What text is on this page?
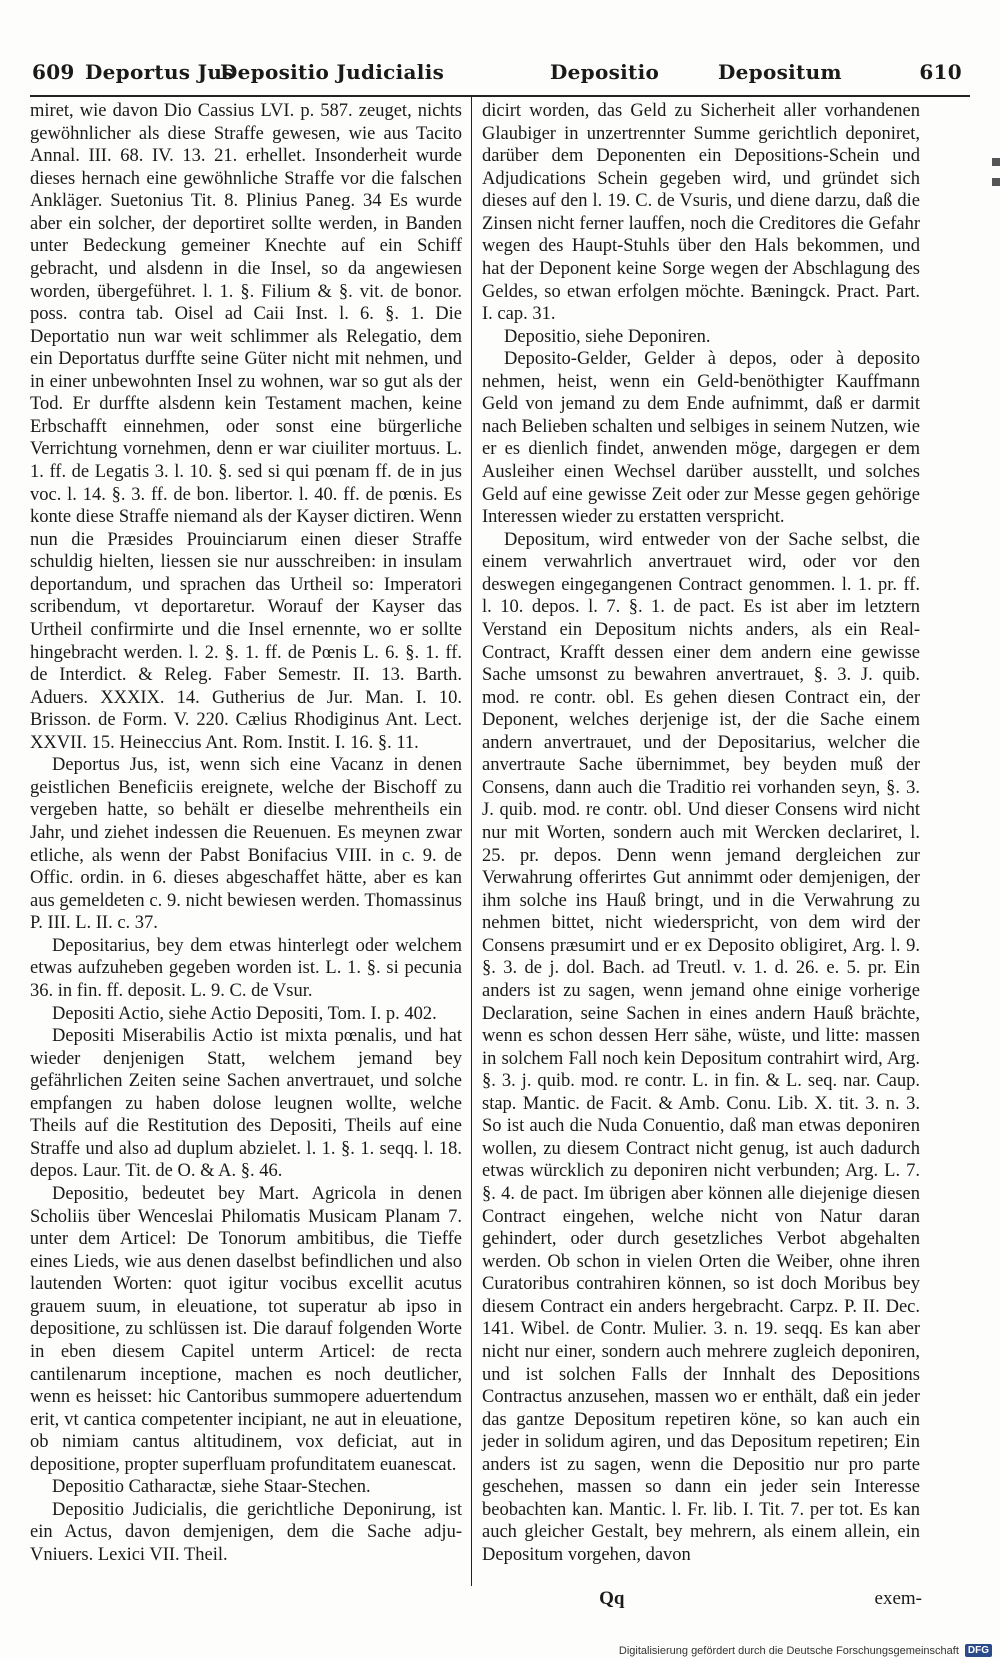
609 Deportus Jus
Depositio Judicialis	Depositio	Depositum	610

miret, wie davon Dio Cassius LVI. p. 587. zeuget, nichts gewöhnlicher als diese Straffe gewesen, wie aus Tacito Annal. III. 68. IV. 13. 21. erhellet. Insonderheit wurde dieses hernach eine gewöhnliche Straffe vor die falschen Ankläger. Suetonius Tit. 8. Plinius Paneg. 34 Es wurde aber ein solcher, der deportiret sollte werden, in Banden unter Bedeckung gemeiner Knechte auf ein Schiff gebracht, und alsdenn in die Insel, so da angewiesen worden, übergeführet. l. 1. §. Filium & §. vit. de bonor. poss. contra tab. Oisel ad Caii Inst. l. 6. §. 1. Die Deportatio nun war weit schlimmer als Relegatio, dem ein Deportatus durffte seine Güter nicht mit nehmen, und in einer unbewohnten Insel zu wohnen, war so gut als der Tod. Er durffte alsdenn kein Testament machen, keine Erbschafft einnehmen, oder sonst eine bürgerliche Verrichtung vornehmen, denn er war ciuiliter mortuus. L. 1. ff. de Legatis 3. l. 10. §. sed si qui pœnam ff. de in jus voc. l. 14. §. 3. ff. de bon. libertor. l. 40. ff. de pœnis. Es konte diese Straffe niemand als der Kayser dictiren. Wenn nun die Præsides Prouinciarum einen dieser Straffe schuldig hielten, liessen sie nur ausschreiben: in insulam deportandum, und sprachen das Urtheil so: Imperatori scribendum, vt deportaretur. Worauf der Kayser das Urtheil confirmirte und die Insel ernennte, wo er sollte hingebracht werden. l. 2. §. 1. ff. de Pœnis L. 6. §. 1. ff. de Interdict. & Releg. Faber Semestr. II. 13. Barth. Aduers. XXXIX. 14. Gutherius de Jur. Man. I. 10. Brisson. de Form. V. 220. Cælius Rhodiginus Ant. Lect. XXVII. 15. Heineccius Ant. Rom. Instit. I. 16. §. 11.

Deportus Jus, ist, wenn sich eine Vacanz in denen geistlichen Beneficiis ereignete, welche der Bischoff zu vergeben hatte, so behält er dieselbe mehrentheils ein Jahr, und ziehet indessen die Reuenuen. Es meynen zwar etliche, als wenn der Pabst Bonifacius VIII. in c. 9. de Offic. ordin. in 6. dieses abgeschaffet hätte, aber es kan aus gemeldeten c. 9. nicht bewiesen werden. Thomassinus P. III. L. II. c. 37.

Depositarius, bey dem etwas hinterlegt oder welchem etwas aufzuheben gegeben worden ist. L. 1. §. si pecunia 36. in fin. ff. deposit. L. 9. C. de Vsur.

Depositi Actio, siehe Actio Depositi, Tom. I. p. 402.

Depositi Miserabilis Actio ist mixta pœnalis, und hat wieder denjenigen Statt, welchem jemand bey gefährlichen Zeiten seine Sachen anvertrauet, und solche empfangen zu haben dolose leugnen wollte, welche Theils auf die Restitution des Depositi, Theils auf eine Straffe und also ad duplum abzielet. l. 1. §. 1. seqq. l. 18. depos. Laur. Tit. de O. & A. §. 46.

Depositio, bedeutet bey Mart. Agricola in denen Scholiis über Wenceslai Philomatis Musicam Planam 7. unter dem Articel: De Tonorum ambitibus, die Tieffe eines Lieds, wie aus denen daselbst befindlichen und also lautenden Worten: quot igitur vocibus excellit acutus grauem suum, in eleuatione, tot superatur ab ipso in depositione, zu schlüssen ist. Die darauf folgenden Worte in eben diesem Capitel unterm Articel: de recta cantilenarum inceptione, machen es noch deutlicher, wenn es heisset: hic Cantoribus summopere aduertendum erit, vt cantica competenter incipiant, ne aut in eleuatione, ob nimiam cantus altitudinem, vox deficiat, aut in depositione, propter superfluam profunditatem euanescat.

Depositio Catharactæ, siehe Staar-Stechen.

Depositio Judicialis, die gerichtliche Deponirung, ist ein Actus, davon demjenigen, dem die Sache adju- Vniuers. Lexici VII. Theil.

dicirt worden, das Geld zu Sicherheit aller vorhandenen Glaubiger in unzertrennter Summe gerichtlich deponiret, darüber dem Deponenten ein Depositions-Schein und Adjudications Schein gegeben wird, und gründet sich dieses auf den l. 19. C. de Vsuris, und diene darzu, daß die Zinsen nicht ferner lauffen, noch die Creditores die Gefahr wegen des Haupt-Stuhls über den Hals bekommen, und hat der Deponent keine Sorge wegen der Abschlagung des Geldes, so etwan erfolgen möchte. Bæningck. Pract. Part. I. cap. 31.

Depositio, siehe Deponiren.

Deposito-Gelder, Gelder à depos, oder à deposito nehmen, heist, wenn ein Geld-benöthigter Kauffmann Geld von jemand zu dem Ende aufnimmt, daß er darmit nach Belieben schalten und selbiges in seinem Nutzen, wie er es dienlich findet, anwenden möge, dargegen er dem Ausleiher einen Wechsel darüber ausstellt, und solches Geld auf eine gewisse Zeit oder zur Messe gegen gehörige Interessen wieder zu erstatten verspricht.

Depositum, wird entweder von der Sache selbst, die einem verwahrlich anvertrauet wird, oder vor den deswegen eingegangenen Contract genommen. l. 1. pr. ff. l. 10. depos. l. 7. §. 1. de pact. Es ist aber im letztern Verstand ein Depositum nichts anders, als ein Real-Contract, Krafft dessen einer dem andern eine gewisse Sache umsonst zu bewahren anvertrauet, §. 3. J. quib. mod. re contr. obl. Es gehen diesen Contract ein, der Deponent, welches derjenige ist, der die Sache einem andern anvertrauet, und der Depositarius, welcher die anvertraute Sache übernimmet, bey beyden muß der Consens, dann auch die Traditio rei vorhanden seyn, §. 3. J. quib. mod. re contr. obl. Und dieser Consens wird nicht nur mit Worten, sondern auch mit Wercken declariret, l. 25. pr. depos. Denn wenn jemand dergleichen zur Verwahrung offerirtes Gut annimmt oder demjenigen, der ihm solche ins Hauß bringt, und in die Verwahrung zu nehmen bittet, nicht wiederspricht, von dem wird der Consens præsumirt und er ex Deposito obligiret, Arg. l. 9. §. 3. de j. dol. Bach. ad Treutl. v. 1. d. 26. e. 5. pr. Ein anders ist zu sagen, wenn jemand ohne einige vorherige Declaration, seine Sachen in eines andern Hauß brächte, wenn es schon dessen Herr sähe, wüste, und litte: massen in solchem Fall noch kein Depositum contrahirt wird, Arg. §. 3. j. quib. mod. re contr. L. in fin. & L. seq. nar. Caup. stap. Mantic. de Facit. & Amb. Conu. Lib. X. tit. 3. n. 3. So ist auch die Nuda Conuentio, daß man etwas deponiren wollen, zu diesem Contract nicht genug, ist auch dadurch etwas würcklich zu deponiren nicht verbunden; Arg. L. 7. §. 4. de pact. Im übrigen aber können alle diejenige diesen Contract eingehen, welche nicht von Natur daran gehindert, oder durch gesetzliches Verbot abgehalten werden. Ob schon in vielen Orten die Weiber, ohne ihren Curatoribus contrahiren können, so ist doch Moribus bey diesem Contract ein anders hergebracht. Carpz. P. II. Dec. 141. Wibel. de Contr. Mulier. 3. n. 19. seqq. Es kan aber nicht nur einer, sondern auch mehrere zugleich deponiren, und ist solchen Falls der Innhalt des Depositions Contractus anzusehen, massen wo er enthält, daß ein jeder das gantze Depositum repetiren köne, so kan auch ein jeder in solidum agiren, und das Depositum repetiren; Ein anders ist zu sagen, wenn die Depositio nur pro parte geschehen, massen so dann ein jeder sein Interesse beobachten kan. Mantic. l. Fr. lib. I. Tit. 7. per tot. Es kan auch gleicher Gestalt, bey mehrern, als einem allein, ein Depositum vorgehen, davon

Qq	exem-
Digitalisierung gefördert durch die Deutsche Forschungsgemeinschaft DFG
